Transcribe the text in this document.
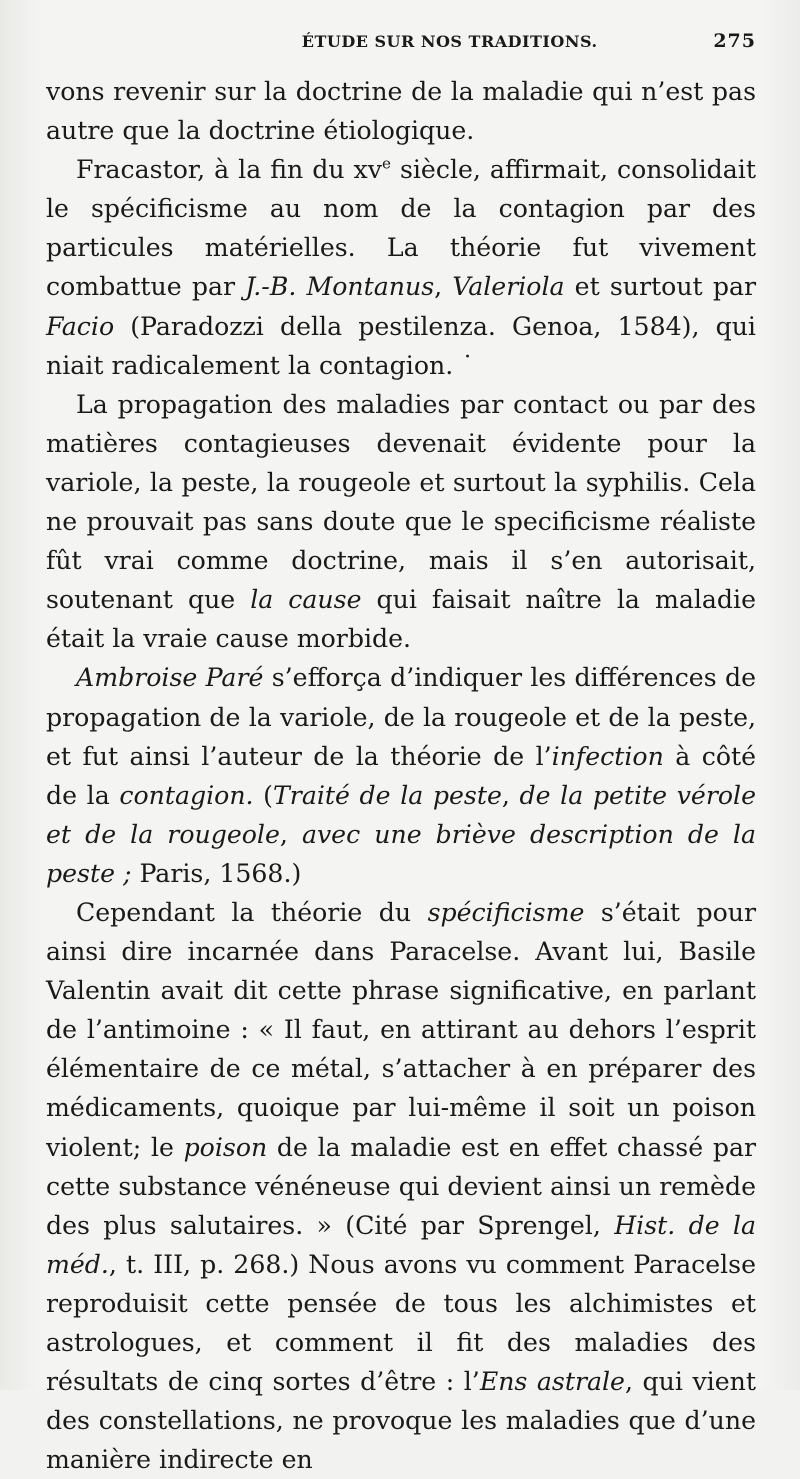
ÉTUDE SUR NOS TRADITIONS.	275

vons revenir sur la doctrine de la maladie qui n’est pas autre que la doctrine étiologique.

Fracastor, à la fin du $xv^e$ siècle, affirmait, consolidait le spécificisme au nom de la contagion par des particules matérielles. La théorie fut vivement combattue par J.-B. Montanus, Valeriola et surtout par Facio (Paradozzi della pestilenza. Genoa, 1584), qui niait radicalement la contagion. ˙

La propagation des maladies par contact ou par des matières contagieuses devenait évidente pour la variole, la peste, la rougeole et surtout la syphilis. Cela ne prouvait pas sans doute que le specificisme réaliste fût vrai comme doctrine, mais il s’en autorisait, soutenant que la cause qui faisait naître la maladie était la vraie cause morbide.

Ambroise Paré s’efforça d’indiquer les différences de propagation de la variole, de la rougeole et de la peste, et fut ainsi l’auteur de la théorie de l’infection à côté de la contagion. (Traité de la peste, de la petite vérole et de la rougeole, avec une briève description de la peste ; Paris, 1568.)

Cependant la théorie du spécificisme s’était pour ainsi dire incarnée dans Paracelse. Avant lui, Basile Valentin avait dit cette phrase significative, en parlant de l’antimoine : « Il faut, en attirant au dehors l’esprit élémentaire de ce métal, s’attacher à en préparer des médicaments, quoique par lui-même il soit un poison violent; le poison de la maladie est en effet chassé par cette substance vénéneuse qui devient ainsi un remède des plus salutaires. » (Cité par Sprengel, Hist. de la méd., t. III, p. 268.) Nous avons vu comment Paracelse reproduisit cette pensée de tous les alchimistes et astrologues, et comment il fit des maladies des résultats de cinq sortes d’être : l’Ens astrale, qui vient des constellations, ne provoque les maladies que d’une manière indirecte en
